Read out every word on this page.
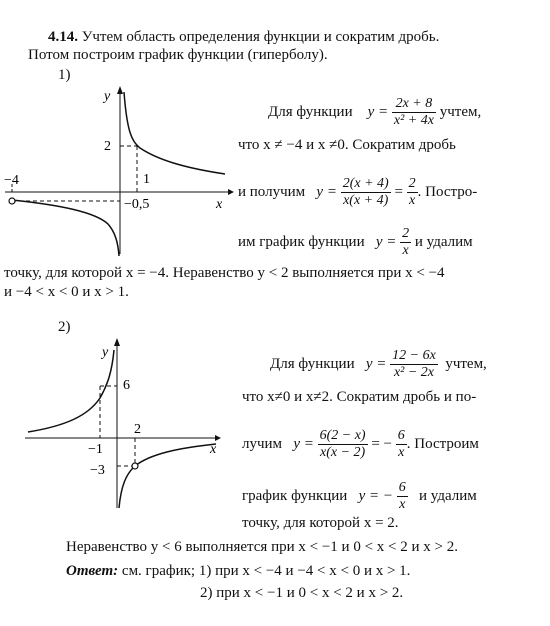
4.14. Учтем область определения функции и сократим дробь.
Потом построим график функции (гиперболу).
1)
y
x
2
1
−4
−0,5
Для функции $y = \frac{2x + 8}{\text{x² + 4x}}$ учтем,
что x ≠ −4 и x ≠0. Сократим дробь
и получим $y = \frac{2(x + 4)}{x(x + 4)} = \frac{2}{x}$ . Постро-
им график функции $y = \frac{2}{x}$ и удалим
точку, для которой x = −4. Неравенство y < 2 выполняется при x < −4
и −4 < x < 0 и x > 1.
2)
y
x
6
2
−1
−3
Для функции $y = \frac{12 - 6x}{\text{x² − 2x}}$ учтем,
что x≠0 и x≠2. Сократим дробь и по-
лучим $y = \frac{6(2 - x)}{x(x - 2)}$ = − $\frac{6}{x}$ . Построим
график функции y = − $\frac{6}{x}$ и удалим
точку, для которой x = 2.
Неравенство y < 6 выполняется при x < −1 и 0 < x < 2 и x > 2.
Ответ: см. график; 1) при x < −4 и −4 < x < 0 и x > 1.
2) при x < −1 и 0 < x < 2 и x > 2.
